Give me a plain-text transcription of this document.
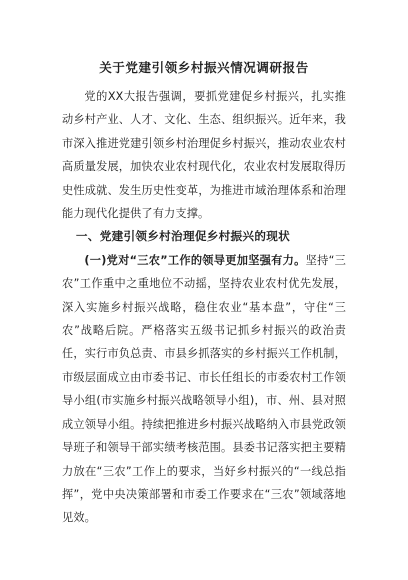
关于党建引领乡村振兴情况调研报告

党的XX大报告强调，要抓党建促乡村振兴，扎实推动乡村产业、人才、文化、生态、组织振兴。近年来，我市深入推进党建引领乡村治理促乡村振兴，推动农业农村高质量发展，加快农业农村现代化，农业农村发展取得历史性成就、发生历史性变革，为推进市域治理体系和治理能力现代化提供了有力支撑。

一、党建引领乡村治理促乡村振兴的现状

(一)党对“三农”工作的领导更加坚强有力。坚持“三农”工作重中之重地位不动摇，坚持农业农村优先发展，深入实施乡村振兴战略，稳住农业“基本盘”，守住“三农”战略后院。严格落实五级书记抓乡村振兴的政治责任，实行市负总责、市县乡抓落实的乡村振兴工作机制，市级层面成立由市委书记、市长任组长的市委农村工作领导小组(市实施乡村振兴战略领导小组)，市、州、县对照成立领导小组。持续把推进乡村振兴战略纳入市县党政领导班子和领导干部实绩考核范围。县委书记落实把主要精力放在“三农”工作上的要求，当好乡村振兴的“一线总指挥”，党中央决策部署和市委工作要求在“三农”领域落地见效。
